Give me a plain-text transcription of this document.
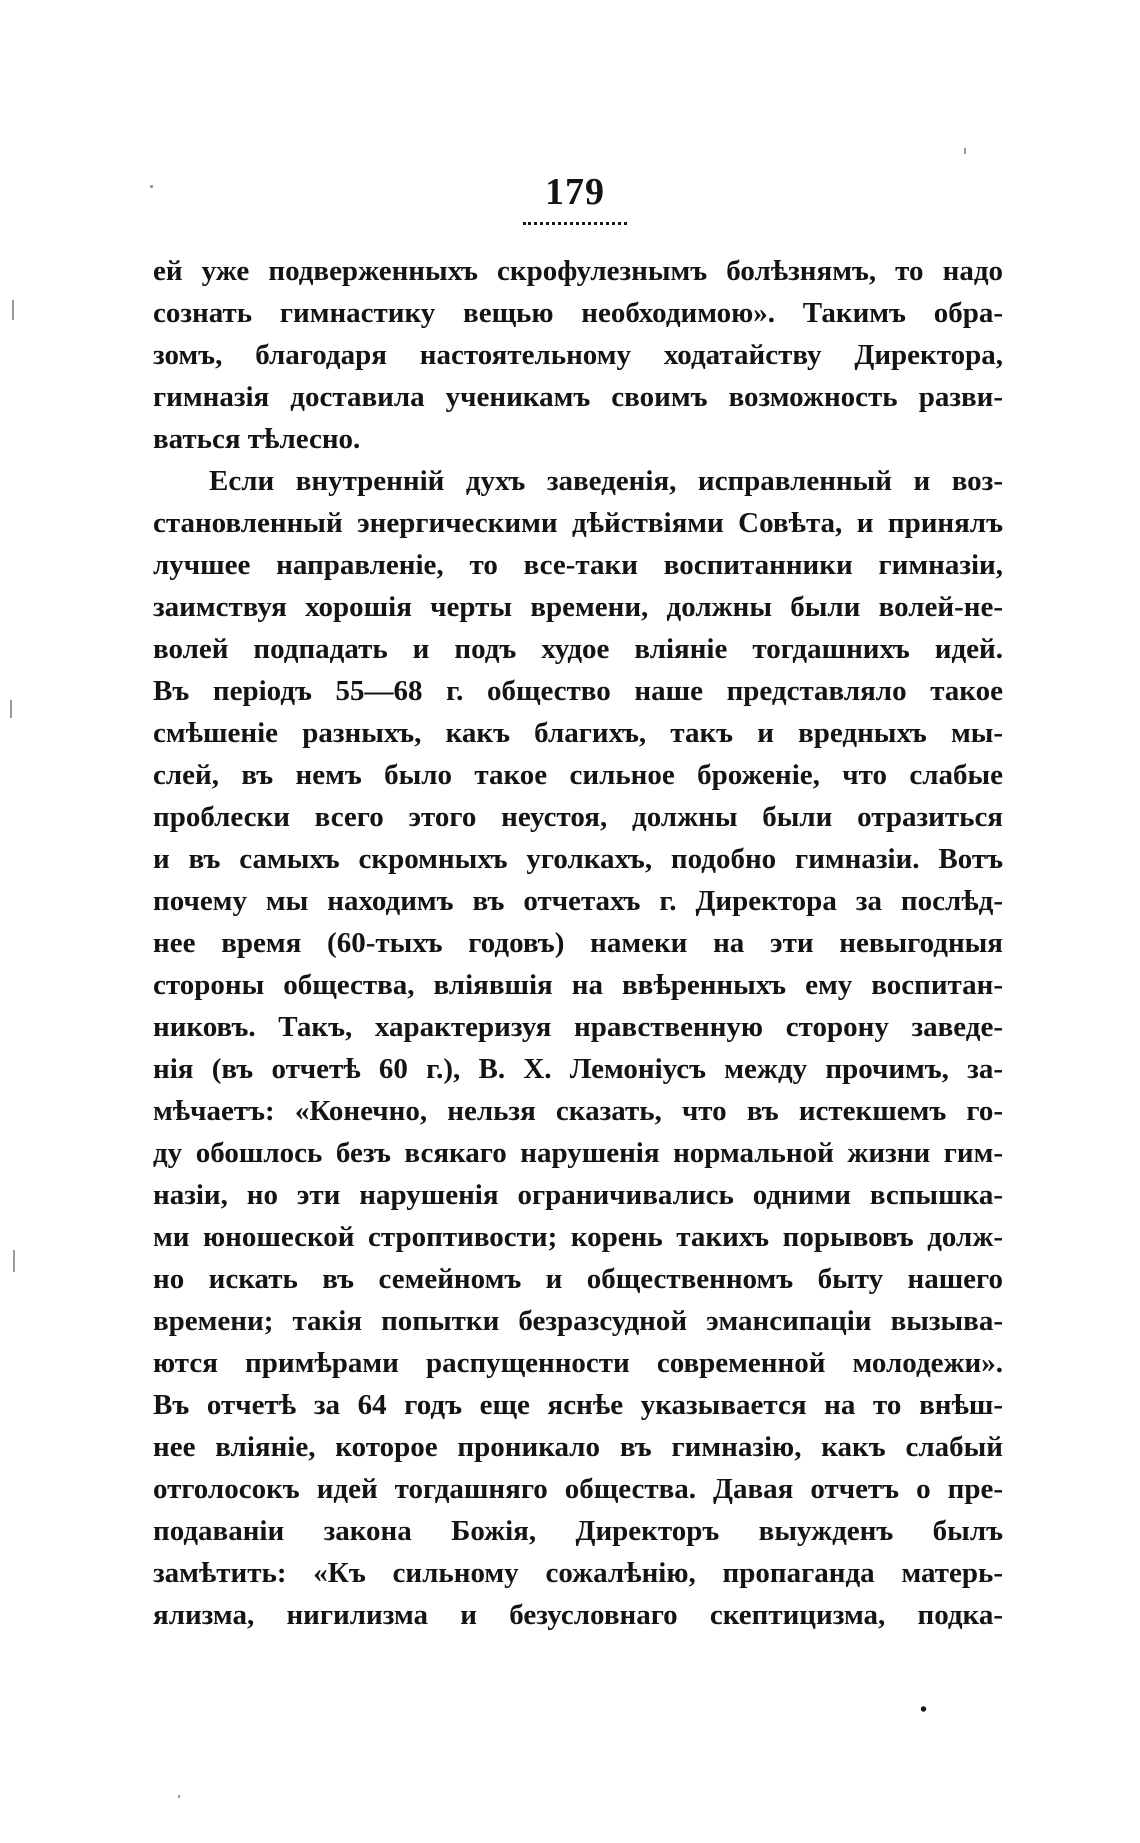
179
ей уже подверженныхъ скрофулезнымъ болѣзнямъ, то надо
сознать гимнастику вещью необходимою». Такимъ обра-
зомъ, благодаря настоятельному ходатайству Директора,
гимназія доставила ученикамъ своимъ возможность разви-
ваться тѣлесно.
Если внутренній духъ заведенія, исправленный и воз-
становленный энергическими дѣйствіями Совѣта, и принялъ
лучшее направленіе, то все-таки воспитанники гимназіи,
заимствуя хорошія черты времени, должны были волей-не-
волей подпадать и подъ худое вліяніе тогдашнихъ идей.
Въ періодъ 55—68 г. общество наше представляло такое
смѣшеніе разныхъ, какъ благихъ, такъ и вредныхъ мы-
слей, въ немъ было такое сильное броженіе, что слабые
проблески всего этого неустоя, должны были отразиться
и въ самыхъ скромныхъ уголкахъ, подобно гимназіи. Вотъ
почему мы находимъ въ отчетахъ г. Директора за послѣд-
нее время (60-тыхъ годовъ) намеки на эти невыгодныя
стороны общества, вліявшія на ввѣренныхъ ему воспитан-
никовъ. Такъ, характеризуя нравственную сторону заведе-
нія (въ отчетѣ 60 г.), В. Х. Лемоніусъ между прочимъ, за-
мѣчаетъ: «Конечно, нельзя сказать, что въ истекшемъ го-
ду обошлось безъ всякаго нарушенія нормальной жизни гим-
назіи, но эти нарушенія ограничивались одними вспышка-
ми юношеской строптивости; корень такихъ порывовъ долж-
но искать въ семейномъ и общественномъ быту нашего
времени; такія попытки безразсудной эмансипаціи вызыва-
ются примѣрами распущенности современной молодежи».
Въ отчетѣ за 64 годъ еще яснѣе указывается на то внѣш-
нее вліяніе, которое проникало въ гимназію, какъ слабый
отголосокъ идей тогдашняго общества. Давая отчетъ о пре-
подаваніи закона Божія, Директоръ выужденъ былъ
замѣтить: «Къ сильному сожалѣнію, пропаганда матерь-
ялизма, нигилизма и безусловнаго скептицизма, подка-
•
